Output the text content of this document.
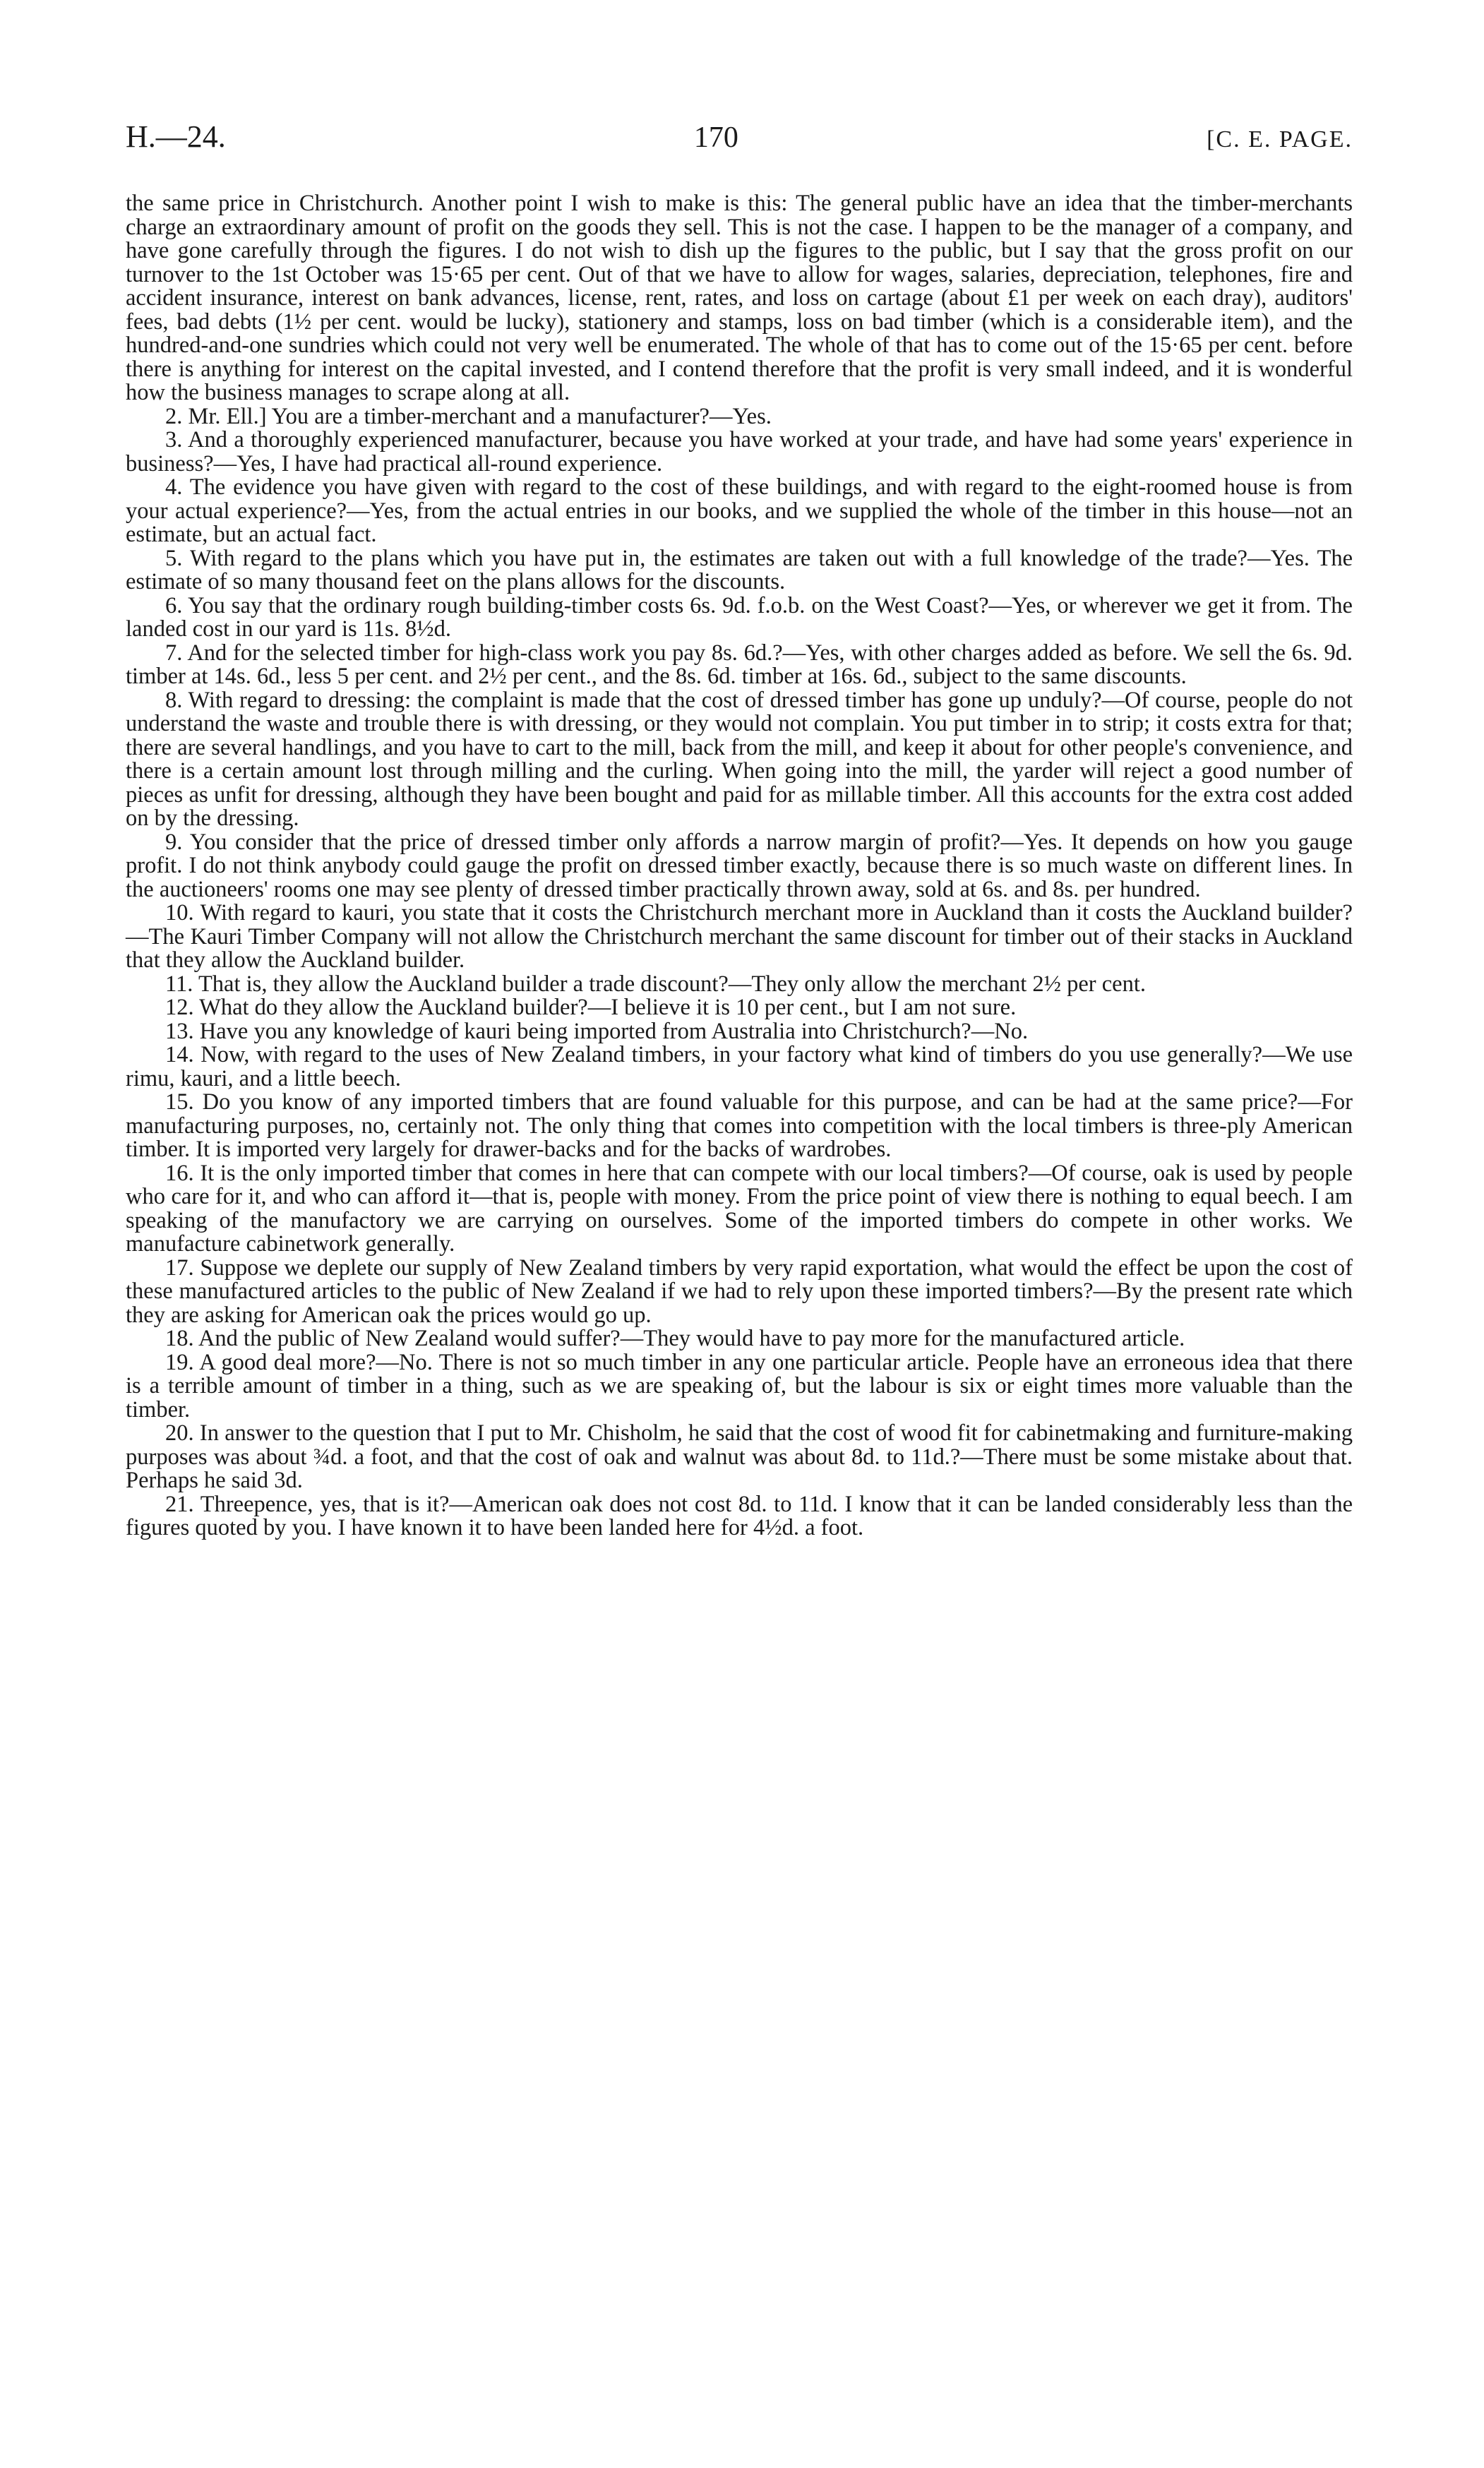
H.—24.	170	[C. E. PAGE.

the same price in Christchurch. Another point I wish to make is this: The general public have an idea that the timber-merchants charge an extraordinary amount of profit on the goods they sell. This is not the case. I happen to be the manager of a company, and have gone carefully through the figures. I do not wish to dish up the figures to the public, but I say that the gross profit on our turnover to the 1st October was 15·65 per cent. Out of that we have to allow for wages, salaries, depreciation, telephones, fire and accident insurance, interest on bank advances, license, rent, rates, and loss on cartage (about £1 per week on each dray), auditors' fees, bad debts (1½ per cent. would be lucky), stationery and stamps, loss on bad timber (which is a considerable item), and the hundred-and-one sundries which could not very well be enumerated. The whole of that has to come out of the 15·65 per cent. before there is anything for interest on the capital invested, and I contend therefore that the profit is very small indeed, and it is wonderful how the business manages to scrape along at all.

2. Mr. Ell.] You are a timber-merchant and a manufacturer?—Yes.

3. And a thoroughly experienced manufacturer, because you have worked at your trade, and have had some years' experience in business?—Yes, I have had practical all-round experience.

4. The evidence you have given with regard to the cost of these buildings, and with regard to the eight-roomed house is from your actual experience?—Yes, from the actual entries in our books, and we supplied the whole of the timber in this house—not an estimate, but an actual fact.

5. With regard to the plans which you have put in, the estimates are taken out with a full knowledge of the trade?—Yes. The estimate of so many thousand feet on the plans allows for the discounts.

6. You say that the ordinary rough building-timber costs 6s. 9d. f.o.b. on the West Coast?—Yes, or wherever we get it from. The landed cost in our yard is 11s. 8½d.

7. And for the selected timber for high-class work you pay 8s. 6d.?—Yes, with other charges added as before. We sell the 6s. 9d. timber at 14s. 6d., less 5 per cent. and 2½ per cent., and the 8s. 6d. timber at 16s. 6d., subject to the same discounts.

8. With regard to dressing: the complaint is made that the cost of dressed timber has gone up unduly?—Of course, people do not understand the waste and trouble there is with dressing, or they would not complain. You put timber in to strip; it costs extra for that; there are several handlings, and you have to cart to the mill, back from the mill, and keep it about for other people's convenience, and there is a certain amount lost through milling and the curling. When going into the mill, the yarder will reject a good number of pieces as unfit for dressing, although they have been bought and paid for as millable timber. All this accounts for the extra cost added on by the dressing.

9. You consider that the price of dressed timber only affords a narrow margin of profit?—Yes. It depends on how you gauge profit. I do not think anybody could gauge the profit on dressed timber exactly, because there is so much waste on different lines. In the auctioneers' rooms one may see plenty of dressed timber practically thrown away, sold at 6s. and 8s. per hundred.

10. With regard to kauri, you state that it costs the Christchurch merchant more in Auckland than it costs the Auckland builder?—The Kauri Timber Company will not allow the Christchurch merchant the same discount for timber out of their stacks in Auckland that they allow the Auckland builder.

11. That is, they allow the Auckland builder a trade discount?—They only allow the merchant 2½ per cent.

12. What do they allow the Auckland builder?—I believe it is 10 per cent., but I am not sure.

13. Have you any knowledge of kauri being imported from Australia into Christchurch?—No.

14. Now, with regard to the uses of New Zealand timbers, in your factory what kind of timbers do you use generally?—We use rimu, kauri, and a little beech.

15. Do you know of any imported timbers that are found valuable for this purpose, and can be had at the same price?—For manufacturing purposes, no, certainly not. The only thing that comes into competition with the local timbers is three-ply American timber. It is imported very largely for drawer-backs and for the backs of wardrobes.

16. It is the only imported timber that comes in here that can compete with our local timbers?—Of course, oak is used by people who care for it, and who can afford it—that is, people with money. From the price point of view there is nothing to equal beech. I am speaking of the manufactory we are carrying on ourselves. Some of the imported timbers do compete in other works. We manufacture cabinetwork generally.

17. Suppose we deplete our supply of New Zealand timbers by very rapid exportation, what would the effect be upon the cost of these manufactured articles to the public of New Zealand if we had to rely upon these imported timbers?—By the present rate which they are asking for American oak the prices would go up.

18. And the public of New Zealand would suffer?—They would have to pay more for the manufactured article.

19. A good deal more?—No. There is not so much timber in any one particular article. People have an erroneous idea that there is a terrible amount of timber in a thing, such as we are speaking of, but the labour is six or eight times more valuable than the timber.

20. In answer to the question that I put to Mr. Chisholm, he said that the cost of wood fit for cabinetmaking and furniture-making purposes was about ¾d. a foot, and that the cost of oak and walnut was about 8d. to 11d.?—There must be some mistake about that. Perhaps he said 3d.

21. Threepence, yes, that is it?—American oak does not cost 8d. to 11d. I know that it can be landed considerably less than the figures quoted by you. I have known it to have been landed here for 4½d. a foot.
